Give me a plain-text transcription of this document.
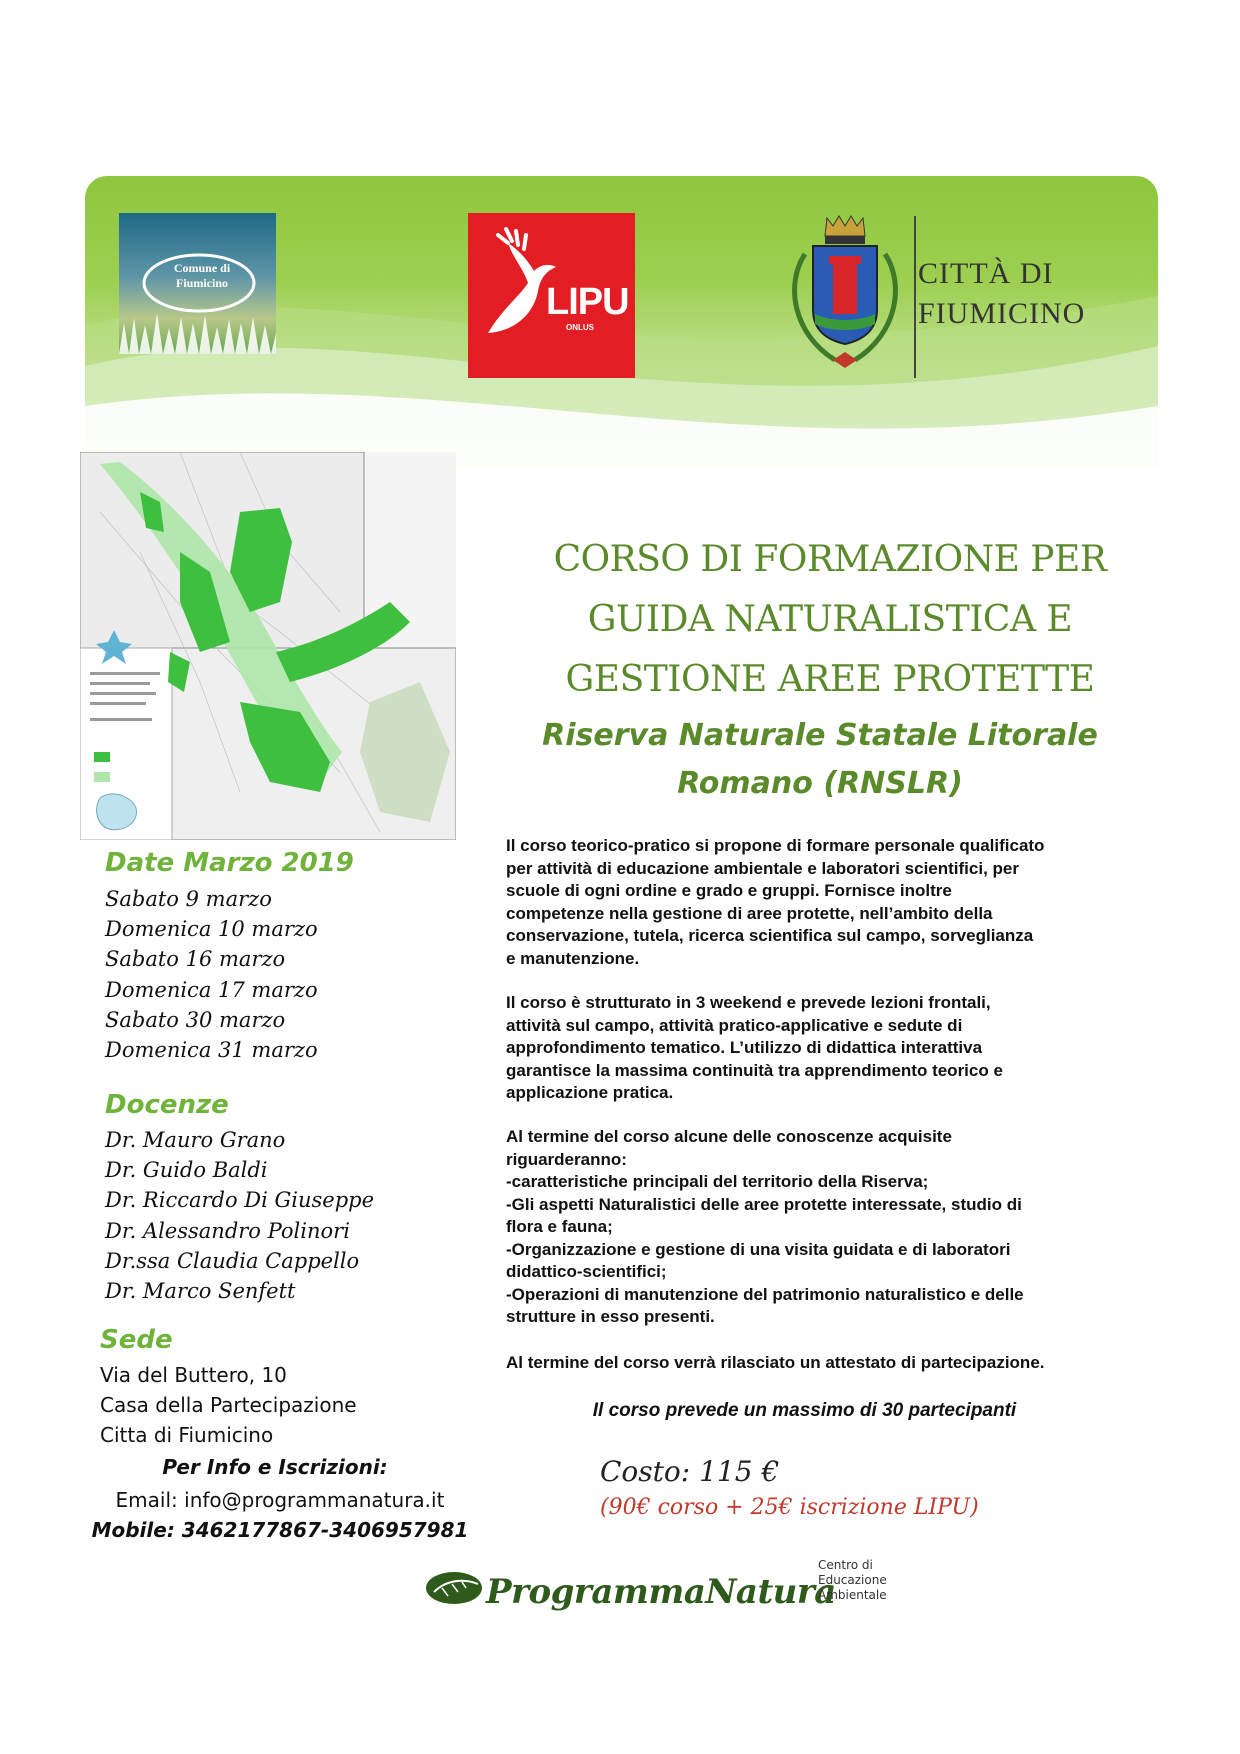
Comune di Fiumicino	LIPU
ONLUS
CITTÀ DI
FIUMICINO
CORSO DI FORMAZIONE PER
GUIDA NATURALISTICA E
GESTIONE AREE PROTETTE
Riserva Naturale Statale Litorale
Romano (RNSLR)
Il corso teorico-pratico si propone di formare personale qualificato
per attività di educazione ambientale e laboratori scientifici, per
scuole di ogni ordine e grado e gruppi. Fornisce inoltre
competenze nella gestione di aree protette, nell’ambito della
conservazione, tutela, ricerca scientifica sul campo, sorveglianza
e manutenzione.
Il corso è strutturato in 3 weekend e prevede lezioni frontali,
attività sul campo, attività pratico-applicative e sedute di
approfondimento tematico. L’utilizzo di didattica interattiva
garantisce la massima continuità tra apprendimento teorico e
applicazione pratica.
Al termine del corso alcune delle conoscenze acquisite
riguarderanno:
-caratteristiche principali del territorio della Riserva;
-Gli aspetti Naturalistici delle aree protette interessate, studio di
flora e fauna;
-Organizzazione e gestione di una visita guidata e di laboratori
didattico-scientifici;
-Operazioni di manutenzione del patrimonio naturalistico e delle
strutture in esso presenti.
Al termine del corso verrà rilasciato un attestato di partecipazione.
Il corso prevede un massimo di 30 partecipanti
Costo: 115 €
(90€ corso + 25€ iscrizione LIPU)
Date Marzo 2019
Sabato 9 marzo
Domenica 10 marzo
Sabato 16 marzo
Domenica 17 marzo
Sabato 30 marzo
Domenica 31 marzo
Docenze
Dr. Mauro Grano
Dr. Guido Baldi
Dr. Riccardo Di Giuseppe
Dr. Alessandro Polinori
Dr.ssa Claudia Cappello
Dr. Marco Senfett
Sede
Via del Buttero, 10
Casa della Partecipazione
Citta di Fiumicino
Per Info e Iscrizioni:
Email: info@programmanatura.it
Mobile: 3462177867-3406957981
ProgrammaNatura
Centro di
Educazione
Ambientale
